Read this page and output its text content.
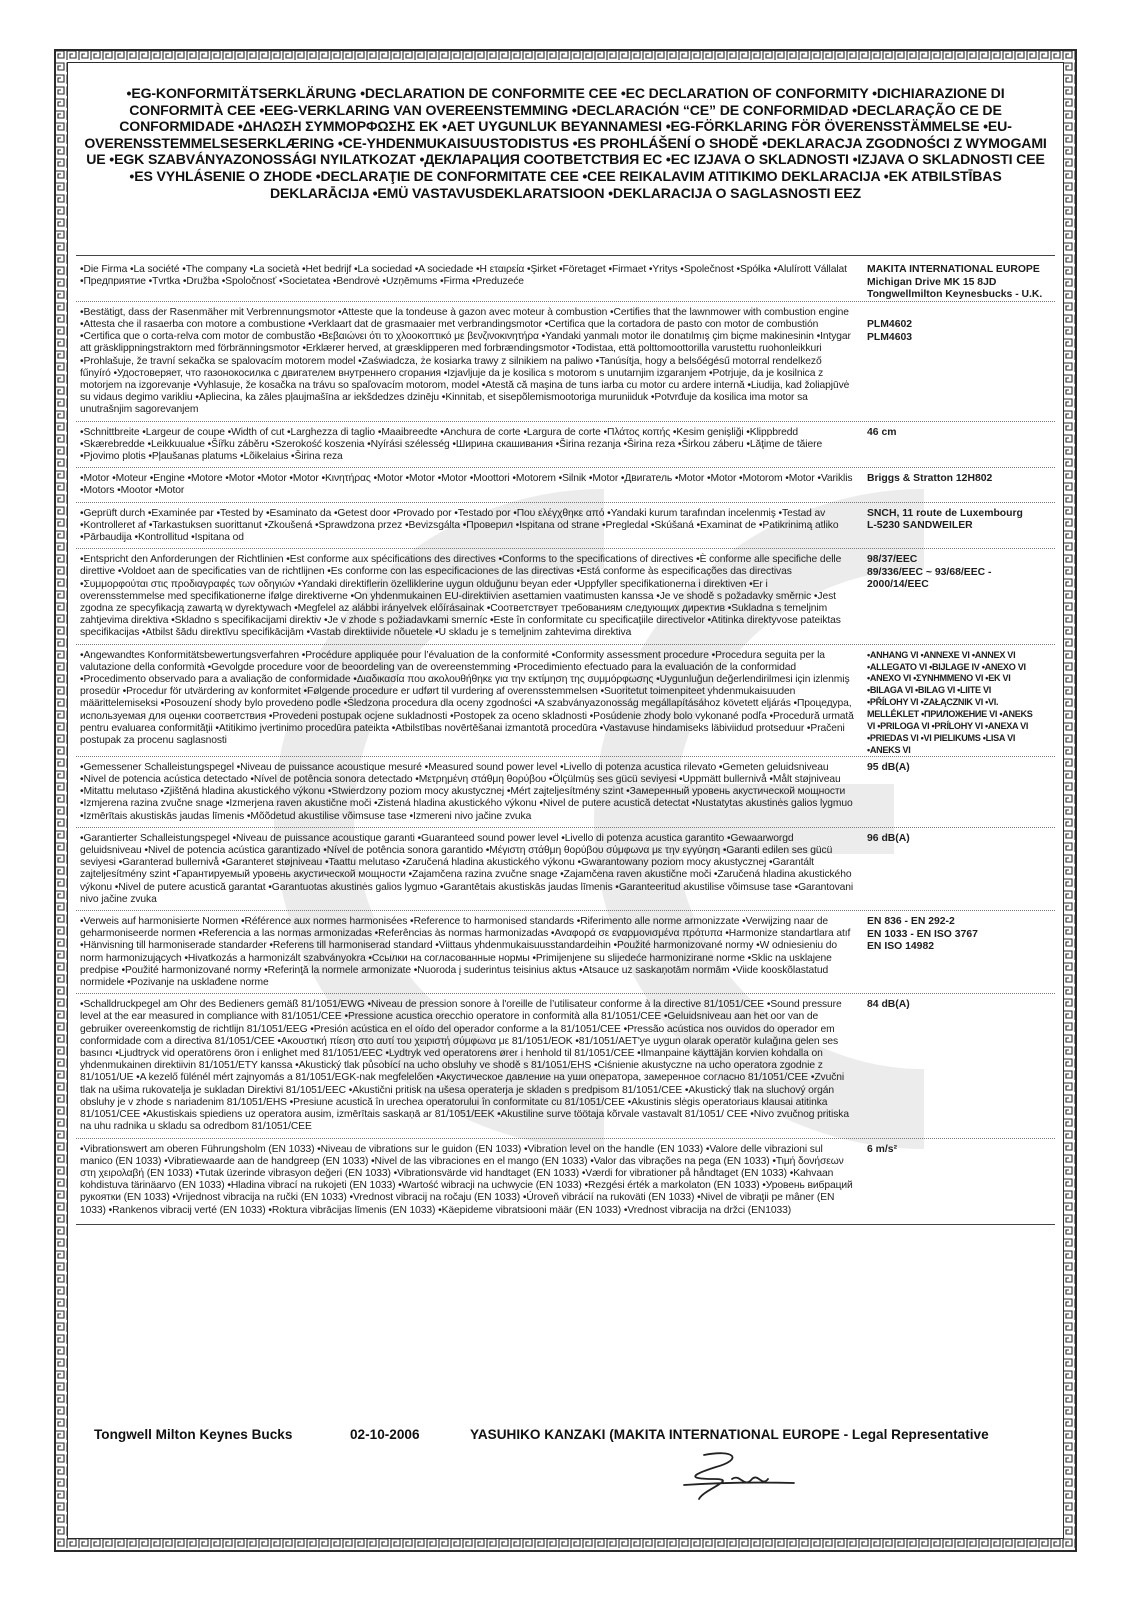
•EG-KONFORMITÄTSERKLÄRUNG •DECLARATION DE CONFORMITE CEE •EC DECLARATION OF CONFORMITY •DICHIARAZIONE DI CONFORMITÀ CEE •EEG-VERKLARING VAN OVEREENSTEMMING •DECLARACIÓN “CE” DE CONFORMIDAD •DECLARAÇÃO CE DE CONFORMIDADE •ΔΗΛΩΣΗ ΣΥΜΜΟΡΦΩΣΗΣ ΕΚ •AET UYGUNLUK BEYANNAMESI •EG-FÖRKLARING FÖR ÖVERENSSTÄMMELSE •EU-OVERENSSTEMMELSESERKLÆRING •CE-YHDENMUKAISUUSTODISTUS •ES PROHLÁŠENÍ O SHODĚ •DEKLARACJA ZGODNOŚCI Z WYMOGAMI UE •EGK SZABVÁNYAZONOSSÁGI NYILATKOZAT •ДЕКЛАРАЦИЯ СООТВЕТСТВИЯ ЕС •EC IZJAVA O SKLADNOSTI •IZJAVA O SKLADNOSTI CEE •ES VYHLÁSENIE O ZHODE •DECLARAŢIE DE CONFORMITATE CEE •CEE REIKALAVIM ATITIKIMO DEKLARACIJA •EK ATBILSTĪBAS DEKLARĀCIJA •EMÜ VASTAVUSDEKLARATSIOON •DEKLARACIJA O SAGLASNOSTI EEZ
•Die Firma •La société •The company •La società •Het bedrijf •La sociedad •A sociedade •Η εταιρεία •Şirket •Företaget •Firmaet •Yritys •Společnost •Spółka •Alulírott Vállalat •Предприятие •Tvrtka •Družba •Spoločnosť •Societatea •Bendrovė •Uzņēmums •Firma •Preduzeće
MAKITA INTERNATIONAL EUROPE
Michigan Drive MK 15 8JD
Tongwellmilton Keynesbucks - U.K.
•Bestätigt, dass der Rasenmäher mit Verbrennungsmotor •Atteste que la tondeuse à gazon avec moteur à combustion •Certifies that the lawnmower with combustion engine •Attesta che il rasaerba con motore a combustione •Verklaart dat de grasmaaier met verbrandingsmotor •Certifica que la cortadora de pasto con motor de combustión •Certifica que o corta-relva com motor de combustão •Βεβαιώνει ότι το χλοοκοπτικό με βενζινοκινητήρα •Yandaki yanmalı motor ile donatılmış çim biçme makinesinin •Intygar att gräsklippningstraktorn med förbränningsmotor •Erklærer herved, at græsklipperen med forbrændingsmotor •Todistaa, että polttomoottorilla varustettu ruohonleikkuri •Prohlašuje, že travní sekačka se spalovacím motorem model •Zaświadcza, że kosiarka trawy z silnikiem na paliwo •Tanúsítja, hogy a belsőégésű motorral rendelkező fűnyíró •Удостоверяет, что газонокосилка с двигателем внутреннего сгорания •Izjavljuje da je kosilica s motorom s unutarnjim izgaranjem •Potrjuje, da je kosilnica z motorjem na izgorevanje •Vyhlasuje, že kosačka na trávu so spaľovacím motorom, model •Atestă că maşina de tuns iarba cu motor cu ardere internă •Liudija, kad žoliapjūvė su vidaus degimo varikliu •Apliecina, ka zāles pļaujmašīna ar iekšdedzes dzinēju •Kinnitab, et sisepõlemismootoriga muruniiduk •Potvrđuje da kosilica ima motor sa unutrašnjim sagorevanjem

PLM4602
PLM4603
•Schnittbreite •Largeur de coupe •Width of cut •Larghezza di taglio •Maaibreedte •Anchura de corte •Largura de corte •Πλάτος κοπής •Kesim genişliği •Klippbredd •Skærebredde •Leikkuualue •Šířku záběru •Szerokość koszenia •Nyírási szélesség •Ширина скашивания •Širina rezanja •Širina reza •Širkou záberu •Lăţime de tăiere •Pjovimo plotis •Pļaušanas platums •Lõikelaius •Širina reza
46 cm
•Motor •Moteur •Engine •Motore •Motor •Motor •Motor •Κινητήρας •Motor •Motor •Motor •Moottori •Motorem •Silnik •Motor •Двигатель •Motor •Motor •Motorom •Motor •Variklis •Motors •Mootor •Motor
Briggs & Stratton 12H802
•Geprüft durch •Examinée par •Tested by •Esaminato da •Getest door •Provado por •Testado por •Που ελέγχθηκε από •Yandaki kurum tarafından incelenmiş •Testad av •Kontrolleret af •Tarkastuksen suorittanut •Zkoušená •Sprawdzona przez •Bevizsgálta •Проверил •Ispitana od strane •Pregledal •Skúšaná •Examinat de •Patikrinimą atliko •Pārbaudija •Kontrollitud •Ispitana od
SNCH, 11 route de Luxembourg
L-5230 SANDWEILER
•Entspricht den Anforderungen der Richtlinien •Est conforme aux spécifications des directives •Conforms to the specifications of directives •È conforme alle specifiche delle direttive •Voldoet aan de specificaties van de richtlijnen •Es conforme con las especificaciones de las directivas •Está conforme às especificações das directivas •Συμμορφούται στις προδιαγραφές των οδηγιών •Yandaki direktiflerin özelliklerine uygun olduğunu beyan eder •Uppfyller specifikationerna i direktiven •Er i overensstemmelse med specifikationerne ifølge direktiverne •On yhdenmukainen EU-direktiivien asettamien vaatimusten kanssa •Je ve shodě s požadavky směrnic •Jest zgodna ze specyfikacją zawartą w dyrektywach •Megfelel az alábbi irányelvek előírásainak •Соответствует требованиям следующих директив •Sukladna s temeljnim zahtjevima direktiva •Skladno s specifikacijami direktiv •Je v zhode s požiadavkami smerníc •Este în conformitate cu specificaţiile directivelor •Atitinka direktyvose pateiktas specifikacijas •Atbilst šādu direktīvu specifikācijām •Vastab direktiivide nõuetele •U skladu je s temeljnim zahtevima direktiva
98/37/EEC
89/336/EEC ~ 93/68/EEC -
2000/14/EEC
•Angewandtes Konformitätsbewertungsverfahren •Procédure appliquée pour l’évaluation de la conformité •Conformity assessment procedure •Procedura seguita per la valutazione della conformità •Gevolgde procedure voor de beoordeling van de overeenstemming •Procedimiento efectuado para la evaluación de la conformidad •Procedimento observado para a avaliação de conformidade •Διαδικασία που ακολουθήθηκε για την εκτίμηση της συμμόρφωσης •Uygunluğun değerlendirilmesi için izlenmiş prosedür •Procedur för utvärdering av konformitet •Følgende procedure er udført til vurdering af overensstemmelsen •Suoritetut toimenpiteet yhdenmukaisuuden määrittelemiseksi •Posouzení shody bylo provedeno podle •Śledzona procedura dla oceny zgodności •A szabványazonosság megállapításához követett eljárás •Процедура, используемая для оценки соответствия •Provedeni postupak ocjene sukladnosti •Postopek za oceno skladnosti •Posúdenie zhody bolo vykonané podľa •Procedură urmată pentru evaluarea conformităţii •Atitikimo įvertinimo procedūra pateikta •Atbilstības novērtēšanai izmantotā procedūra •Vastavuse hindamiseks läbiviidud protseduur •Pračeni postupak za procenu saglasnosti
•ANHANG VI •ANNEXE VI •ANNEX VI
•ALLEGATO VI •BIJLAGE IV •ANEXO VI
•ANEXO VI •ΣΥΝΗΜΜΕΝΟ VI •EK VI
•BILAGA VI •BILAG VI •LIITE VI
•PŘÍLOHY VI •ZAŁĄCZNIK VI •VI.
MELLÉKLET •ПРИЛОЖЕНИЕ VI •ANEKS
VI •PRILOGA VI •PRÍLOHY VI •ANEXA VI
•PRIEDAS VI •VI PIELIKUMS •LISA VI
•ANEKS VI
•Gemessener Schalleistungspegel •Niveau de puissance acoustique mesuré •Measured sound power level •Livello di potenza acustica rilevato •Gemeten geluidsniveau •Nivel de potencia acústica detectado •Nível de potência sonora detectado •Μετρημένη στάθμη θορύβου •Ölçülmüş ses gücü seviyesi •Uppmätt bullernivå •Målt støjniveau •Mitattu melutaso •Zjištěná hladina akustického výkonu •Stwierdzony poziom mocy akustycznej •Mért zajteljesítmény szint •Замеренный уровень акустической мощности •Izmjerena razina zvučne snage •Izmerjena raven akustične moči •Zistená hladina akustického výkonu •Nivel de putere acustică detectat •Nustatytas akustinės galios lygmuo •Izmērītais akustiskās jaudas līmenis •Mõõdetud akustilise võimsuse tase •Izmereni nivo jačine zvuka
95 dB(A)
•Garantierter Schalleistungspegel •Niveau de puissance acoustique garanti •Guaranteed sound power level •Livello di potenza acustica garantito •Gewaarworgd geluidsniveau •Nivel de potencia acústica garantizado •Nível de potência sonora garantido •Μέγιστη στάθμη θορύβου σύμφωνα με την εγγύηση •Garanti edilen ses gücü seviyesi •Garanterad bullernivå •Garanteret støjniveau •Taattu melutaso •Zaručená hladina akustického výkonu •Gwarantowany poziom mocy akustycznej •Garantált zajteljesítmény szint •Гарантируемый уровень акустической мощности •Zajamčena razina zvučne snage •Zajamčena raven akustične moči •Zaručená hladina akustického výkonu •Nivel de putere acustică garantat •Garantuotas akustinės galios lygmuo •Garantētais akustiskās jaudas līmenis •Garanteeritud akustilise võimsuse tase •Garantovani nivo jačine zvuka
96 dB(A)
•Verweis auf harmonisierte Normen •Référence aux normes harmonisées •Reference to harmonised standards •Riferimento alle norme armonizzate •Verwijzing naar de geharmoniseerde normen •Referencia a las normas armonizadas •Referências às normas harmonizadas •Αναφορά σε εναρμονισμένα πρότυπα •Harmonize standartlara atıf •Hänvisning till harmoniserade standarder •Referens till harmoniserad standard •Viittaus yhdenmukaisuusstandardeihin •Použité harmonizované normy •W odniesieniu do norm harmonizujących •Hivatkozás a harmonizált szabványokra •Ссылки на согласованные нормы •Primijenjene su slijedeće harmonizirane norme •Sklic na usklajene predpise •Použité harmonizované normy •Referinţă la normele armonizate •Nuoroda į suderintus teisinius aktus •Atsauce uz saskaņotām normām •Viide kooskõlastatud normidele •Pozivanje na usklađene norme
EN 836 - EN 292-2
EN 1033 - EN ISO 3767
EN ISO 14982
•Schalldruckpegel am Ohr des Bedieners gemäß 81/1051/EWG •Niveau de pression sonore à l'oreille de l’utilisateur conforme à la directive 81/1051/CEE •Sound pressure level at the ear measured in compliance with 81/1051/CEE •Pressione acustica orecchio operatore in conformità alla 81/1051/CEE •Geluidsniveau aan het oor van de gebruiker overeenkomstig de richtlijn 81/1051/EEG •Presión acústica en el oído del operador conforme a la 81/1051/CEE •Pressão acústica nos ouvidos do operador em conformidade com a directiva 81/1051/CEE •Ακουστική πίεση στο αυτί του χειριστή σύμφωνα με 81/1051/EOK •81/1051/AET'ye uygun olarak operatör kulağına gelen ses basıncı •Ljudtryck vid operatörens öron i enlighet med 81/1051/EEC •Lydtryk ved operatorens ører i henhold til 81/1051/CEE •Ilmanpaine käyttäjän korvien kohdalla on yhdenmukainen direktiivin 81/1051/ETY kanssa •Akustický tlak působící na ucho obsluhy ve shodě s 81/1051/EHS •Ciśnienie akustyczne na ucho operatora zgodnie z 81/1051/UE •A kezelő fülénél mért zajnyomás a 81/1051/EGK-nak megfelelően •Акустическое давление на уши оператора, замеренное согласно 81/1051/CEE •Zvučni tlak na ušima rukovatelja je sukladan Direktivi 81/1051/EEC •Akustični pritisk na ušesa operaterja je skladen s predpisom 81/1051/CEE •Akustický tlak na sluchový orgán obsluhy je v zhode s nariadenim 81/1051/EHS •Presiune acustică în urechea operatorului în conformitate cu 81/1051/CEE •Akustinis slėgis operatoriaus klausai atitinka 81/1051/CEE •Akustiskais spiediens uz operatora ausim, izmērītais saskaņā ar 81/1051/EEK •Akustiline surve töötaja kõrvale vastavalt 81/1051/ CEE •Nivo zvučnog pritiska na uhu radnika u skladu sa odredbom 81/1051/CEE
84 dB(A)
•Vibrationswert am oberen Führungsholm (EN 1033) •Niveau de vibrations sur le guidon (EN 1033) •Vibration level on the handle (EN 1033) •Valore delle vibrazioni sul manico (EN 1033) •Vibratiewaarde aan de handgreep (EN 1033) •Nivel de las vibraciones en el mango (EN 1033) •Valor das vibrações na pega (EN 1033) •Τιμή δονήσεων στη χειρολαβή (EN 1033) •Tutak üzerinde vibrasyon değeri (EN 1033) •Vibrationsvärde vid handtaget (EN 1033) •Værdi for vibrationer på håndtaget (EN 1033) •Kahvaan kohdistuva tärinäarvo (EN 1033) •Hladina vibrací na rukojeti (EN 1033) •Wartość wibracji na uchwycie (EN 1033) •Rezgési érték a markolaton (EN 1033) •Уровень вибраций рукоятки (EN 1033) •Vrijednost vibracija na ručki (EN 1033) •Vrednost vibracij na ročaju (EN 1033) •Úroveň vibrácií na rukoväti (EN 1033) •Nivel de vibraţii pe mâner (EN 1033) •Rankenos vibracij verté (EN 1033) •Roktura vibrācijas līmenis (EN 1033) •Käepideme vibratsiooni määr (EN 1033) •Vrednost vibracija na držci (EN1033)
6 m/s²
Tongwell Milton Keynes Bucks	02-10-2006	YASUHIKO KANZAKI (MAKITA INTERNATIONAL EUROPE - Legal Representative
